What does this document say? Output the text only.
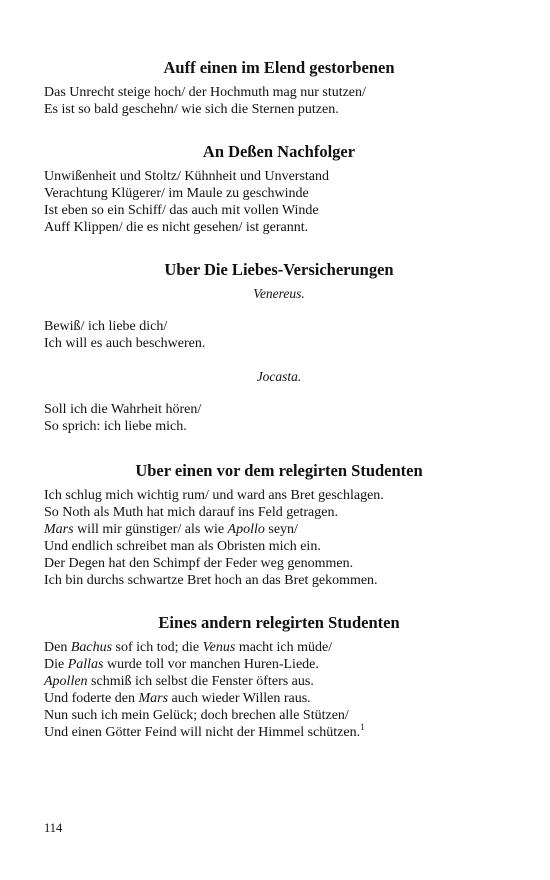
Auff einen im Elend gestorbenen
Das Unrecht steige hoch/ der Hochmuth mag nur stutzen/
Es ist so bald geschehn/ wie sich die Sternen putzen.
An Deßen Nachfolger
Unwißenheit und Stoltz/ Kühnheit und Unverstand
Verachtung Klügerer/ im Maule zu geschwinde
Ist eben so ein Schiff/ das auch mit vollen Winde
Auff Klippen/ die es nicht gesehen/ ist gerannt.
Uber Die Liebes-Versicherungen
Venereus.
Bewiß/ ich liebe dich/
Ich will es auch beschweren.
Jocasta.
Soll ich die Wahrheit hören/
So sprich: ich liebe mich.
Uber einen vor dem relegirten Studenten
Ich schlug mich wichtig rum/ und ward ans Bret geschlagen.
So Noth als Muth hat mich darauf ins Feld getragen.
Mars will mir günstiger/ als wie Apollo seyn/
Und endlich schreibet man als Obristen mich ein.
Der Degen hat den Schimpf der Feder weg genommen.
Ich bin durchs schwartze Bret hoch an das Bret gekommen.
Eines andern relegirten Studenten
Den Bachus sof ich tod; die Venus macht ich müde/
Die Pallas wurde toll vor manchen Huren-Liede.
Apollen schmiß ich selbst die Fenster öfters aus.
Und foderte den Mars auch wieder Willen raus.
Nun such ich mein Gelück; doch brechen alle Stützen/
Und einen Götter Feind will nicht der Himmel schützen.$^1$
114
